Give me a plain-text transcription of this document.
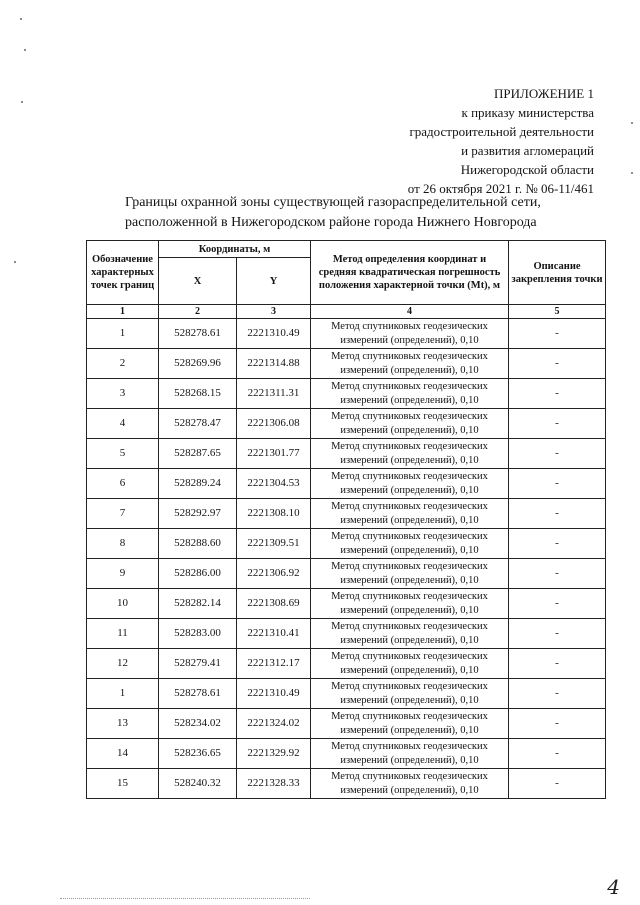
ПРИЛОЖЕНИЕ 1
к приказу министерства
градостроительной деятельности
и развития агломераций
Нижегородской области
от 26 октября 2021 г. № 06-11/461
Границы охранной зоны существующей газораспределительной сети,
расположенной в Нижегородском районе города Нижнего Новгорода
Обозначение характерных точек границ	Координаты, м		Метод определения координат и средняя квадратическая погрешность положения характерной точки (Mt), м	Описание закрепления точки
	X	Y		
1	2	3	4	5
1	528278.61	2221310.49	Метод спутниковых геодезических измерений (определений), 0,10	-
2	528269.96	2221314.88	Метод спутниковых геодезических измерений (определений), 0,10	-
3	528268.15	2221311.31	Метод спутниковых геодезических измерений (определений), 0,10	-
4	528278.47	2221306.08	Метод спутниковых геодезических измерений (определений), 0,10	-
5	528287.65	2221301.77	Метод спутниковых геодезических измерений (определений), 0,10	-
6	528289.24	2221304.53	Метод спутниковых геодезических измерений (определений), 0,10	-
7	528292.97	2221308.10	Метод спутниковых геодезических измерений (определений), 0,10	-
8	528288.60	2221309.51	Метод спутниковых геодезических измерений (определений), 0,10	-
9	528286.00	2221306.92	Метод спутниковых геодезических измерений (определений), 0,10	-
10	528282.14	2221308.69	Метод спутниковых геодезических измерений (определений), 0,10	-
11	528283.00	2221310.41	Метод спутниковых геодезических измерений (определений), 0,10	-
12	528279.41	2221312.17	Метод спутниковых геодезических измерений (определений), 0,10	-
1	528278.61	2221310.49	Метод спутниковых геодезических измерений (определений), 0,10	-
13	528234.02	2221324.02	Метод спутниковых геодезических измерений (определений), 0,10	-
14	528236.65	2221329.92	Метод спутниковых геодезических измерений (определений), 0,10	-
15	528240.32	2221328.33	Метод спутниковых геодезических измерений (определений), 0,10	-
4
